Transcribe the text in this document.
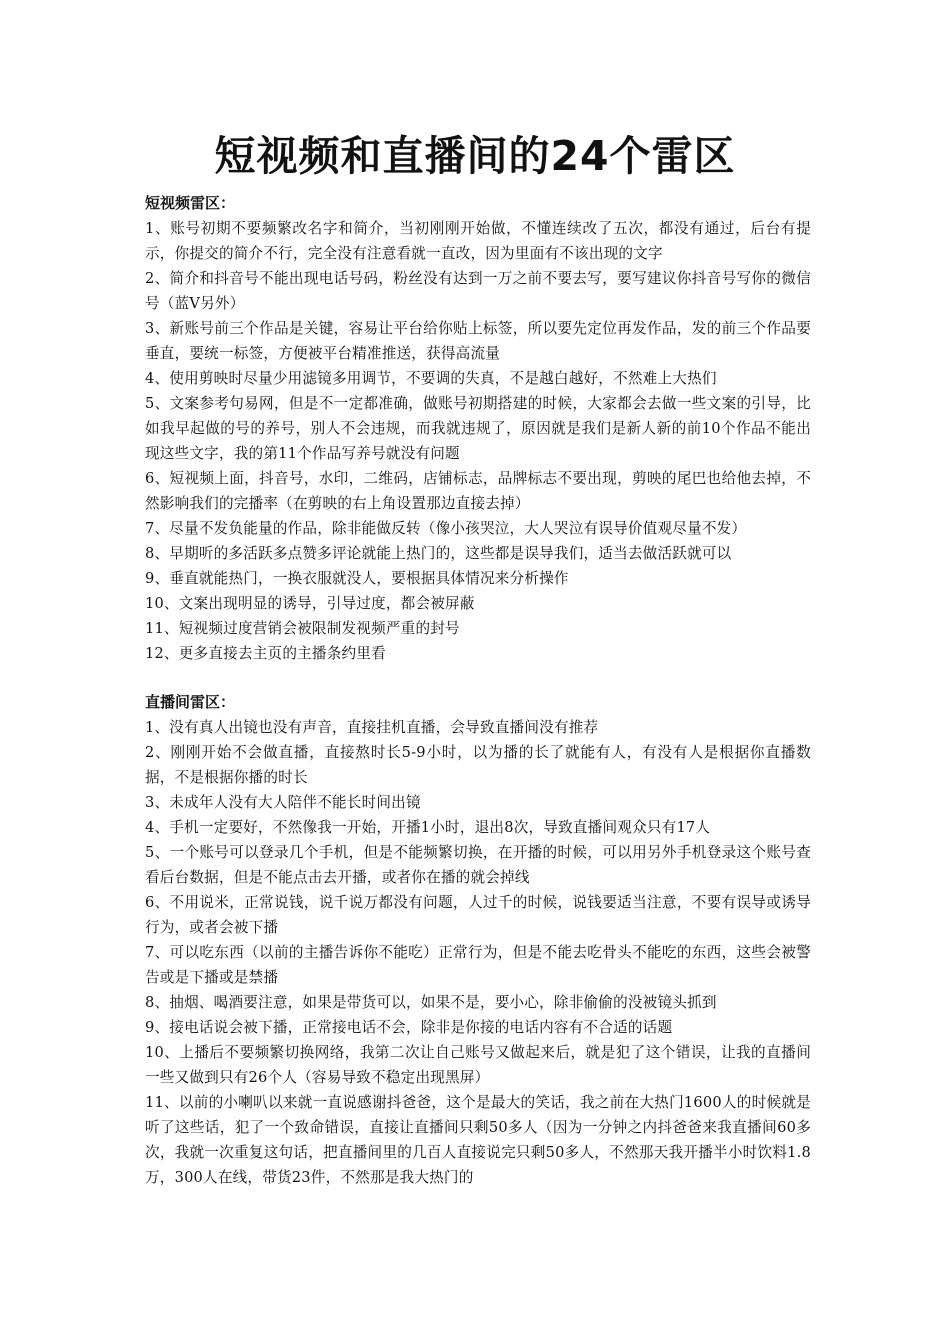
短视频和直播间的24个雷区

短视频雷区：

1、账号初期不要频繁改名字和简介，当初刚刚开始做，不懂连续改了五次，都没有通过，后台有提示，你提交的简介不行，完全没有注意看就一直改，因为里面有不该出现的文字

2、简介和抖音号不能出现电话号码，粉丝没有达到一万之前不要去写，要写建议你抖音号写你的微信号（蓝V另外）

3、新账号前三个作品是关键，容易让平台给你贴上标签，所以要先定位再发作品，发的前三个作品要垂直，要统一标签，方便被平台精准推送，获得高流量

4、使用剪映时尽量少用滤镜多用调节，不要调的失真，不是越白越好，不然难上大热们

5、文案参考句易网，但是不一定都准确，做账号初期搭建的时候，大家都会去做一些文案的引导，比如我早起做的号的养号，别人不会违规，而我就违规了，原因就是我们是新人新的前10个作品不能出现这些文字，我的第11个作品写养号就没有问题

6、短视频上面，抖音号，水印，二维码，店铺标志，品牌标志不要出现，剪映的尾巴也给他去掉，不然影响我们的完播率（在剪映的右上角设置那边直接去掉）

7、尽量不发负能量的作品，除非能做反转（像小孩哭泣，大人哭泣有误导价值观尽量不发）

8、早期听的多活跃多点赞多评论就能上热门的，这些都是误导我们，适当去做活跃就可以

9、垂直就能热门，一换衣服就没人，要根据具体情况来分析操作

10、文案出现明显的诱导，引导过度，都会被屏蔽

11、短视频过度营销会被限制发视频严重的封号

12、更多直接去主页的主播条约里看

直播间雷区：

1、没有真人出镜也没有声音，直接挂机直播，会导致直播间没有推荐

2、刚刚开始不会做直播，直接熬时长5-9小时，以为播的长了就能有人，有没有人是根据你直播数据，不是根据你播的时长

3、未成年人没有大人陪伴不能长时间出镜

4、手机一定要好，不然像我一开始，开播1小时，退出8次，导致直播间观众只有17人

5、一个账号可以登录几个手机，但是不能频繁切换，在开播的时候，可以用另外手机登录这个账号查看后台数据，但是不能点击去开播，或者你在播的就会掉线

6、不用说米，正常说钱，说千说万都没有问题，人过千的时候，说钱要适当注意，不要有误导或诱导行为，或者会被下播

7、可以吃东西（以前的主播告诉你不能吃）正常行为，但是不能去吃骨头不能吃的东西，这些会被警告或是下播或是禁播

8、抽烟、喝酒要注意，如果是带货可以，如果不是，要小心，除非偷偷的没被镜头抓到

9、接电话说会被下播，正常接电话不会，除非是你接的电话内容有不合适的话题

10、上播后不要频繁切换网络，我第二次让自己账号又做起来后，就是犯了这个错误，让我的直播间一些又做到只有26个人（容易导致不稳定出现黑屏）

11、以前的小喇叭以来就一直说感谢抖爸爸，这个是最大的笑话，我之前在大热门1600人的时候就是听了这些话，犯了一个致命错误，直接让直播间只剩50多人（因为一分钟之内抖爸爸来我直播间60多次，我就一次重复这句话，把直播间里的几百人直接说完只剩50多人，不然那天我开播半小时饮料1.8万，300人在线，带货23件，不然那是我大热门的
